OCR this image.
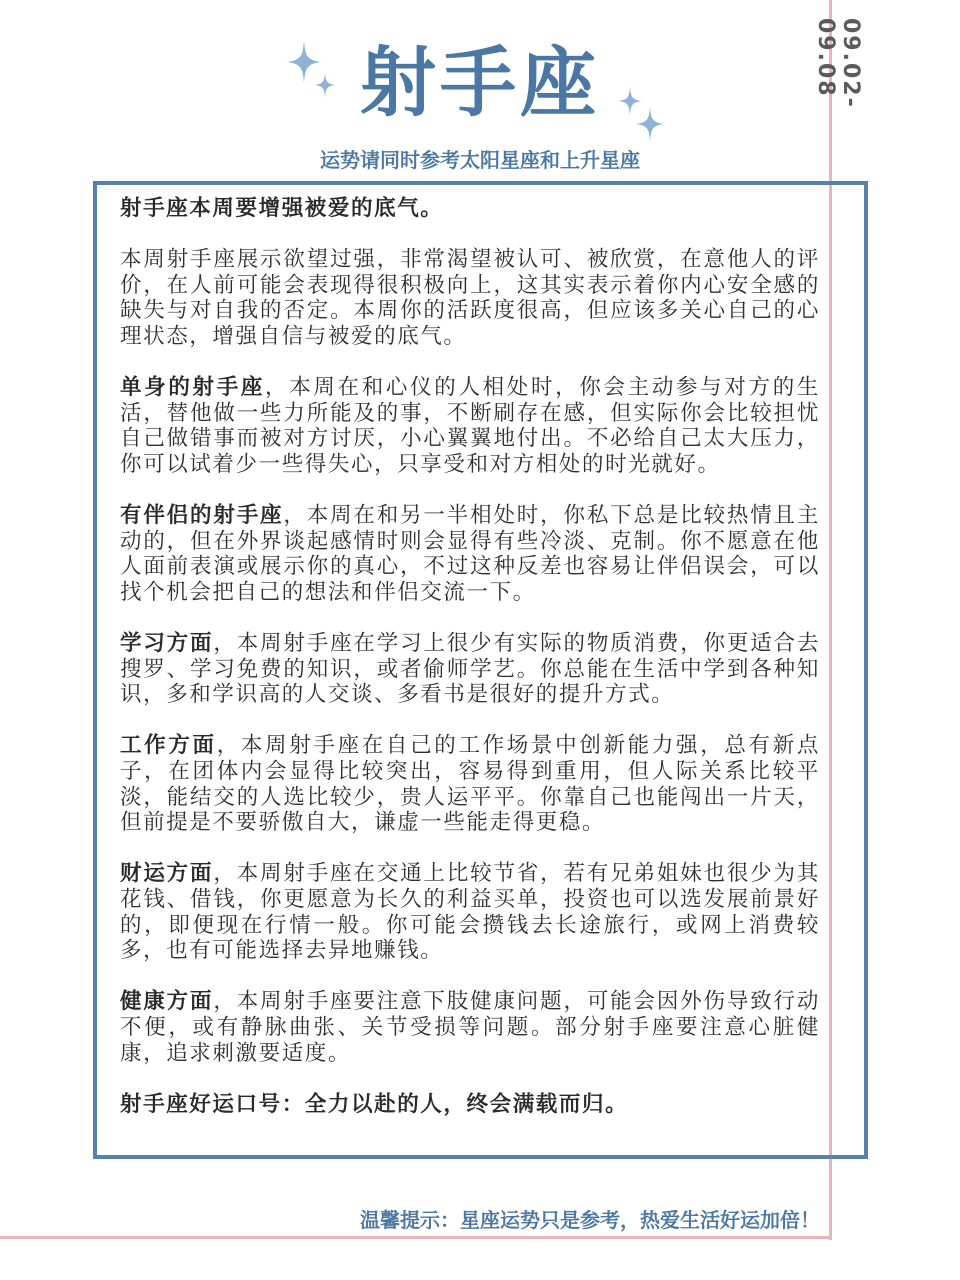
09.02-09.08
射手座
运势请同时参考太阳星座和上升星座

射手座本周要增强被爱的底气。

本周射手座展示欲望过强，非常渴望被认可、被欣赏，在意他人的评价，在人前可能会表现得很积极向上，这其实表示着你内心安全感的缺失与对自我的否定。本周你的活跃度很高，但应该多关心自己的心理状态，增强自信与被爱的底气。

单身的射手座，本周在和心仪的人相处时，你会主动参与对方的生活，替他做一些力所能及的事，不断刷存在感，但实际你会比较担忧自己做错事而被对方讨厌，小心翼翼地付出。不必给自己太大压力，你可以试着少一些得失心，只享受和对方相处的时光就好。

有伴侣的射手座，本周在和另一半相处时，你私下总是比较热情且主动的，但在外界谈起感情时则会显得有些冷淡、克制。你不愿意在他人面前表演或展示你的真心，不过这种反差也容易让伴侣误会，可以找个机会把自己的想法和伴侣交流一下。

学习方面，本周射手座在学习上很少有实际的物质消费，你更适合去搜罗、学习免费的知识，或者偷师学艺。你总能在生活中学到各种知识，多和学识高的人交谈、多看书是很好的提升方式。

工作方面，本周射手座在自己的工作场景中创新能力强，总有新点子，在团体内会显得比较突出，容易得到重用，但人际关系比较平淡，能结交的人选比较少，贵人运平平。你靠自己也能闯出一片天，但前提是不要骄傲自大，谦虚一些能走得更稳。

财运方面，本周射手座在交通上比较节省，若有兄弟姐妹也很少为其花钱、借钱，你更愿意为长久的利益买单，投资也可以选发展前景好的，即便现在行情一般。你可能会攒钱去长途旅行，或网上消费较多，也有可能选择去异地赚钱。

健康方面，本周射手座要注意下肢健康问题，可能会因外伤导致行动不便，或有静脉曲张、关节受损等问题。部分射手座要注意心脏健康，追求刺激要适度。

射手座好运口号：全力以赴的人，终会满载而归。

温馨提示：星座运势只是参考，热爱生活好运加倍！
